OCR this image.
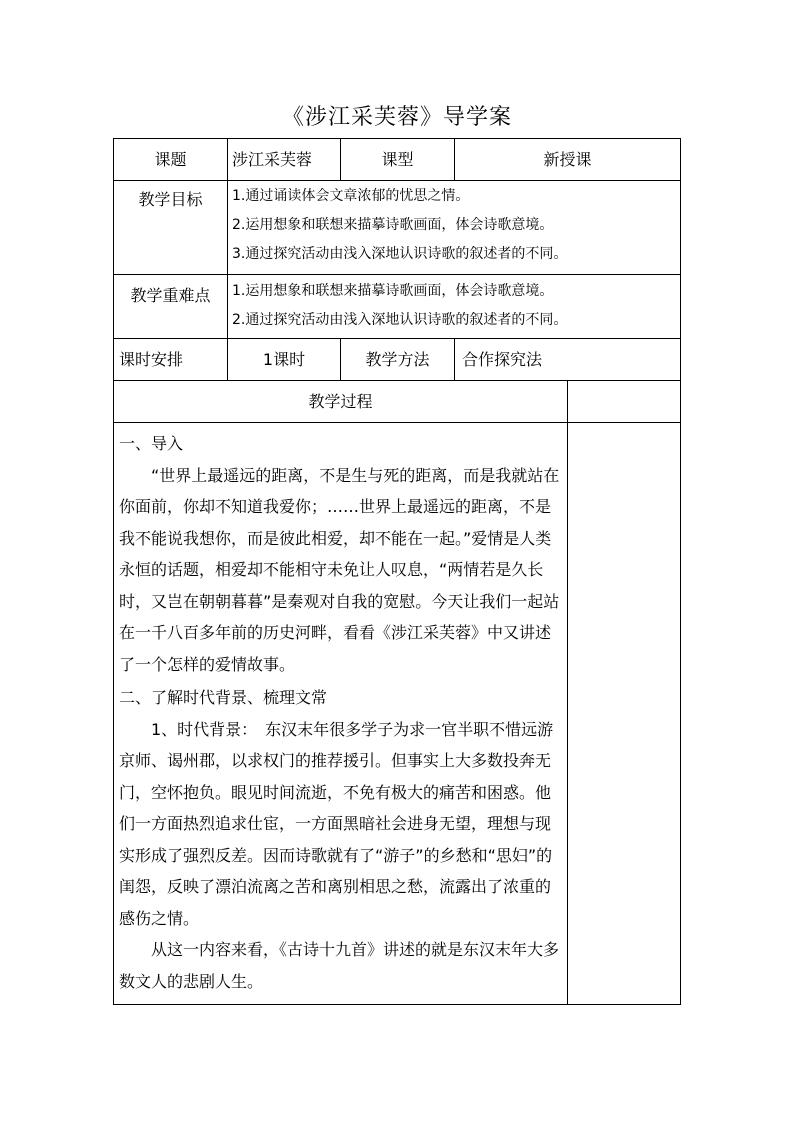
《涉江采芙蓉》导学案
课题	涉江采芙蓉	课型	新授课
教学目标	1.通过诵读体会文章浓郁的忧思之情。
2.运用想象和联想来描摹诗歌画面，体会诗歌意境。
3.通过探究活动由浅入深地认识诗歌的叙述者的不同。
教学重难点	1.运用想象和联想来描摹诗歌画面，体会诗歌意境。
2.通过探究活动由浅入深地认识诗歌的叙述者的不同。
课时安排	1课时	教学方法	合作探究法
教学过程

一、导入

“世界上最遥远的距离，不是生与死的距离，而是我就站在你面前，你却不知道我爱你；……世界上最遥远的距离，不是我不能说我想你，而是彼此相爱，却不能在一起。”爱情是人类永恒的话题，相爱却不能相守未免让人叹息，“两情若是久长时，又岂在朝朝暮暮”是秦观对自我的宽慰。今天让我们一起站在一千八百多年前的历史河畔，看看《涉江采芙蓉》中又讲述了一个怎样的爱情故事。

二、了解时代背景、梳理文常

1、时代背景：　东汉末年很多学子为求一官半职不惜远游京师、谒州郡，以求权门的推荐援引。但事实上大多数投奔无门，空怀抱负。眼见时间流逝，不免有极大的痛苦和困惑。他们一方面热烈追求仕宦，一方面黑暗社会进身无望，理想与现实形成了强烈反差。因而诗歌就有了“游子”的乡愁和“思妇”的闺怨，反映了漂泊流离之苦和离别相思之愁，流露出了浓重的感伤之情。

从这一内容来看，《古诗十九首》讲述的就是东汉末年大多数文人的悲剧人生。
